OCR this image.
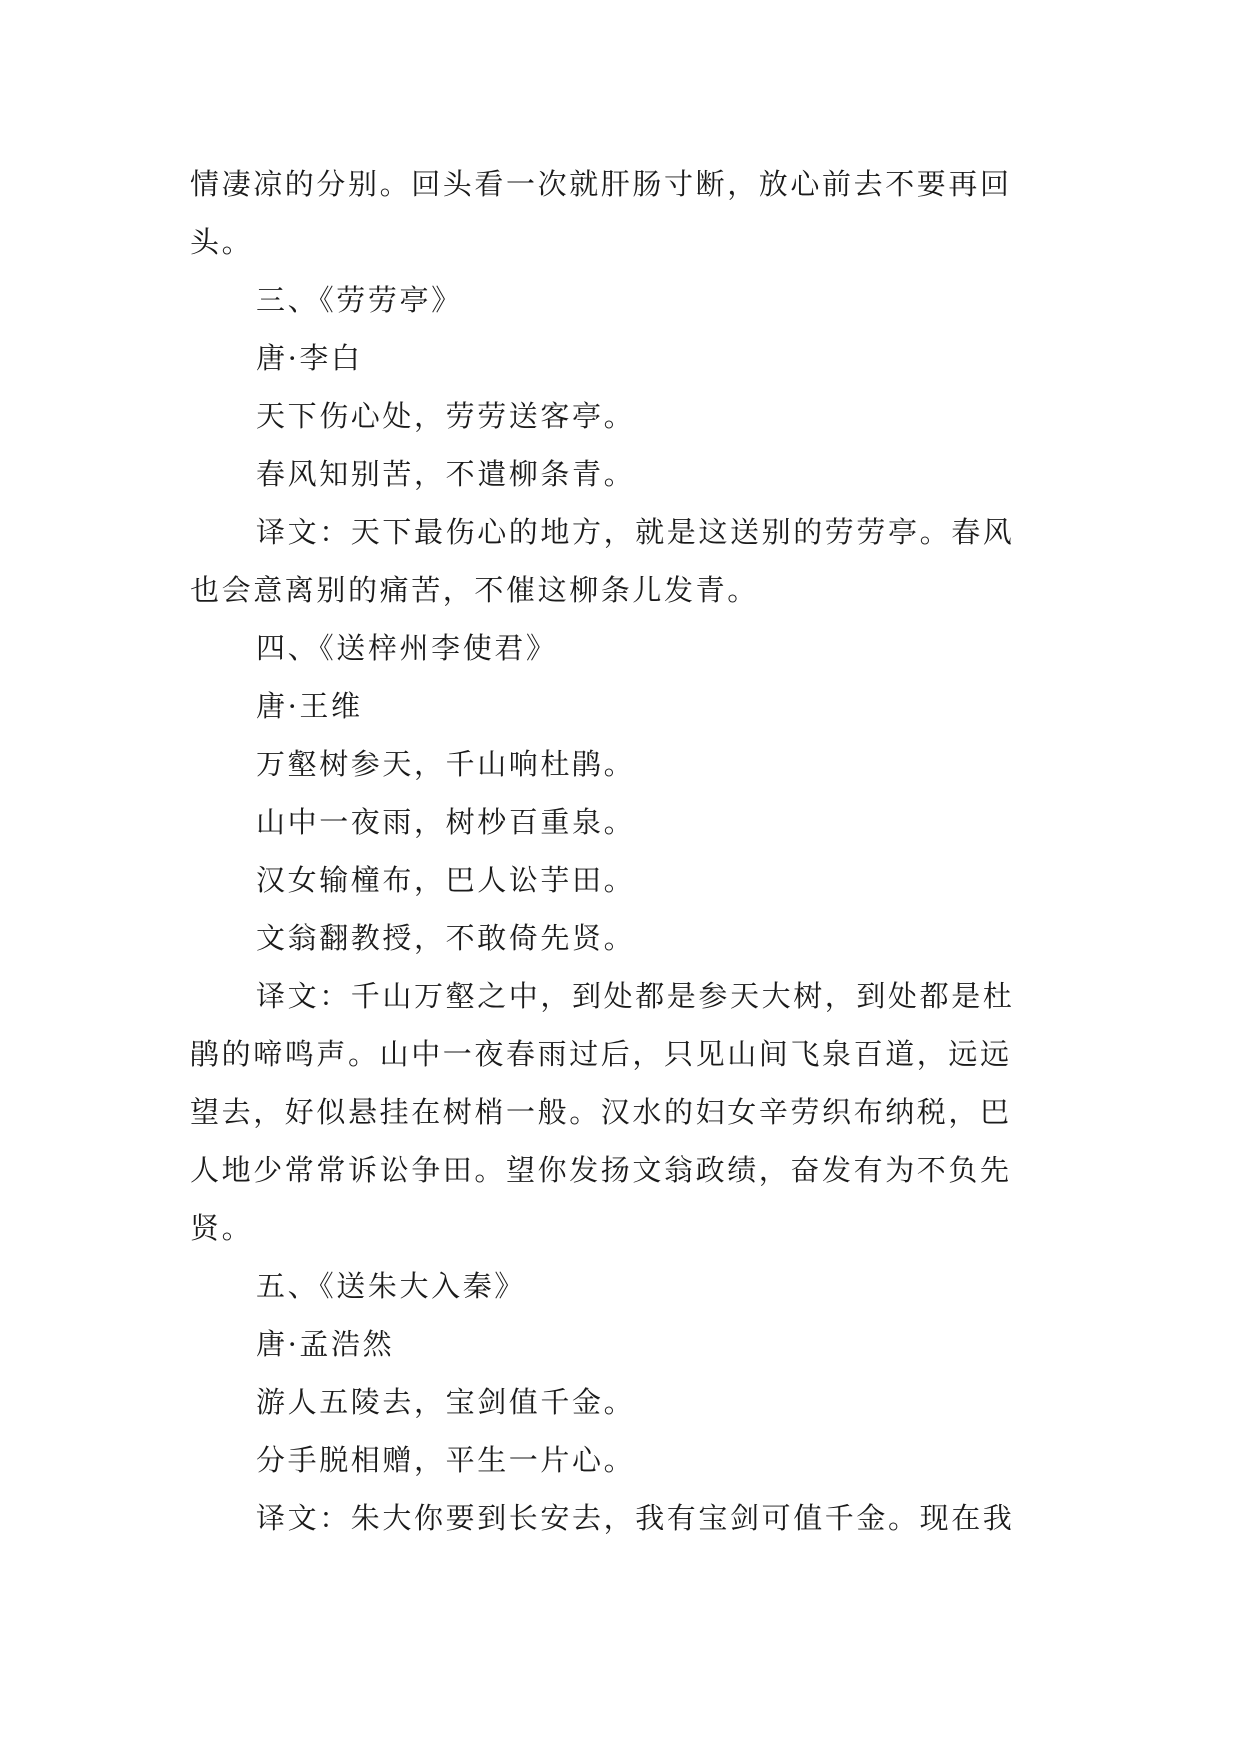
情凄凉的分别。回头看一次就肝肠寸断，放心前去不要再回

头。

三、《劳劳亭》

唐·李白

天下伤心处，劳劳送客亭。

春风知别苦，不遣柳条青。

译文：天下最伤心的地方，就是这送别的劳劳亭。春风

也会意离别的痛苦，不催这柳条儿发青。

四、《送梓州李使君》

唐·王维

万壑树参天，千山响杜鹃。

山中一夜雨，树杪百重泉。

汉女输橦布，巴人讼芋田。

文翁翻教授，不敢倚先贤。

译文：千山万壑之中，到处都是参天大树，到处都是杜

鹃的啼鸣声。山中一夜春雨过后，只见山间飞泉百道，远远

望去，好似悬挂在树梢一般。汉水的妇女辛劳织布纳税，巴

人地少常常诉讼争田。望你发扬文翁政绩，奋发有为不负先

贤。

五、《送朱大入秦》

唐·孟浩然

游人五陵去，宝剑值千金。

分手脱相赠，平生一片心。

译文：朱大你要到长安去，我有宝剑可值千金。现在我
